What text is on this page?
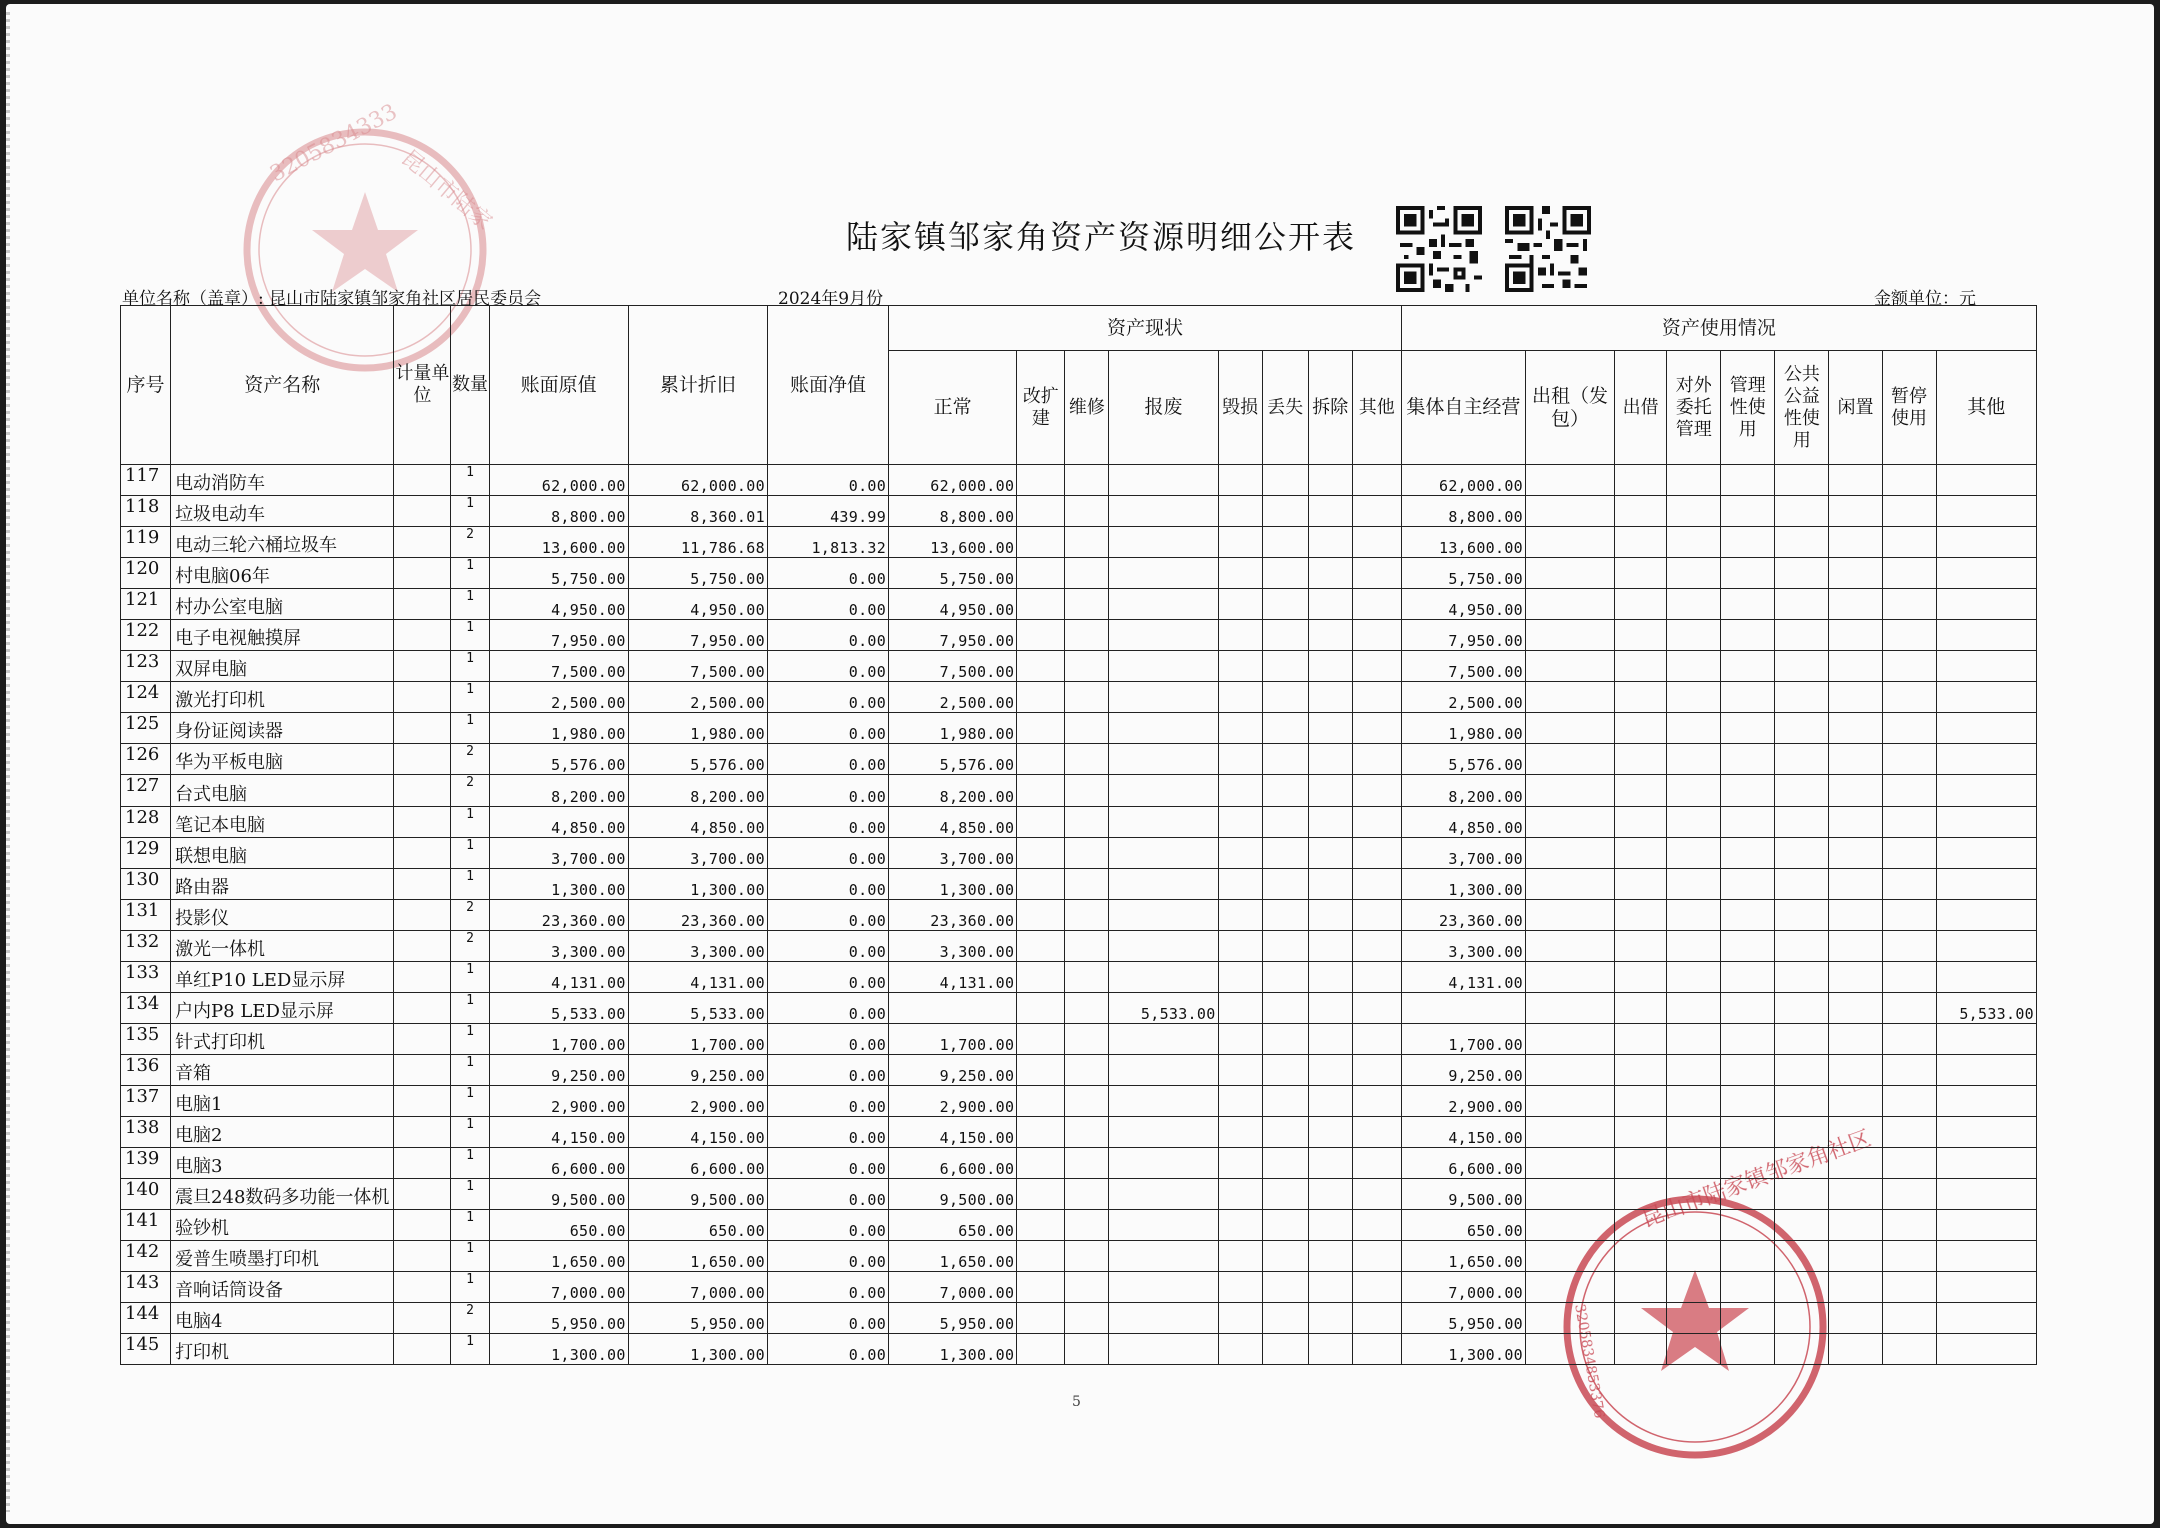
3205834333
昆山市陆家
昆山市陆家镇邹家角社区
3205834853376
陆家镇邹家角资产资源明细公开表
单位名称（盖章）: 昆山市陆家镇邹家角社区居民委员会	2024年9月份	金额单位：元
序号	资产名称	计量单位	数量	账面原值	累计折旧	账面净值	资产现状								资产使用情况								
							正常	改扩建	维修	报废	毁损	丢失	拆除	其他	集体自主经营	出租（发包）	出借	对外委托管理	管理性使用	公共公益性使用	闲置	暂停使用	其他
117	电动消防车		1	62,000.00	62,000.00	0.00	62,000.00								62,000.00								
118	垃圾电动车		1	8,800.00	8,360.01	439.99	8,800.00								8,800.00								
119	电动三轮六桶垃圾车		2	13,600.00	11,786.68	1,813.32	13,600.00								13,600.00								
120	村电脑06年		1	5,750.00	5,750.00	0.00	5,750.00								5,750.00								
121	村办公室电脑		1	4,950.00	4,950.00	0.00	4,950.00								4,950.00								
122	电子电视触摸屏		1	7,950.00	7,950.00	0.00	7,950.00								7,950.00								
123	双屏电脑		1	7,500.00	7,500.00	0.00	7,500.00								7,500.00								
124	激光打印机		1	2,500.00	2,500.00	0.00	2,500.00								2,500.00								
125	身份证阅读器		1	1,980.00	1,980.00	0.00	1,980.00								1,980.00								
126	华为平板电脑		2	5,576.00	5,576.00	0.00	5,576.00								5,576.00								
127	台式电脑		2	8,200.00	8,200.00	0.00	8,200.00								8,200.00								
128	笔记本电脑		1	4,850.00	4,850.00	0.00	4,850.00								4,850.00								
129	联想电脑		1	3,700.00	3,700.00	0.00	3,700.00								3,700.00								
130	路由器		1	1,300.00	1,300.00	0.00	1,300.00								1,300.00								
131	投影仪		2	23,360.00	23,360.00	0.00	23,360.00								23,360.00								
132	激光一体机		2	3,300.00	3,300.00	0.00	3,300.00								3,300.00								
133	单红P10 LED显示屏		1	4,131.00	4,131.00	0.00	4,131.00								4,131.00								
134	户内P8 LED显示屏		1	5,533.00	5,533.00	0.00				5,533.00													5,533.00
135	针式打印机		1	1,700.00	1,700.00	0.00	1,700.00								1,700.00								
136	音箱		1	9,250.00	9,250.00	0.00	9,250.00								9,250.00								
137	电脑1		1	2,900.00	2,900.00	0.00	2,900.00								2,900.00								
138	电脑2		1	4,150.00	4,150.00	0.00	4,150.00								4,150.00								
139	电脑3		1	6,600.00	6,600.00	0.00	6,600.00								6,600.00								
140	震旦248数码多功能一体机		1	9,500.00	9,500.00	0.00	9,500.00								9,500.00								
141	验钞机		1	650.00	650.00	0.00	650.00								650.00								
142	爱普生喷墨打印机		1	1,650.00	1,650.00	0.00	1,650.00								1,650.00								
143	音响话筒设备		1	7,000.00	7,000.00	0.00	7,000.00								7,000.00								
144	电脑4		2	5,950.00	5,950.00	0.00	5,950.00								5,950.00								
145	打印机		1	1,300.00	1,300.00	0.00	1,300.00								1,300.00								
5
